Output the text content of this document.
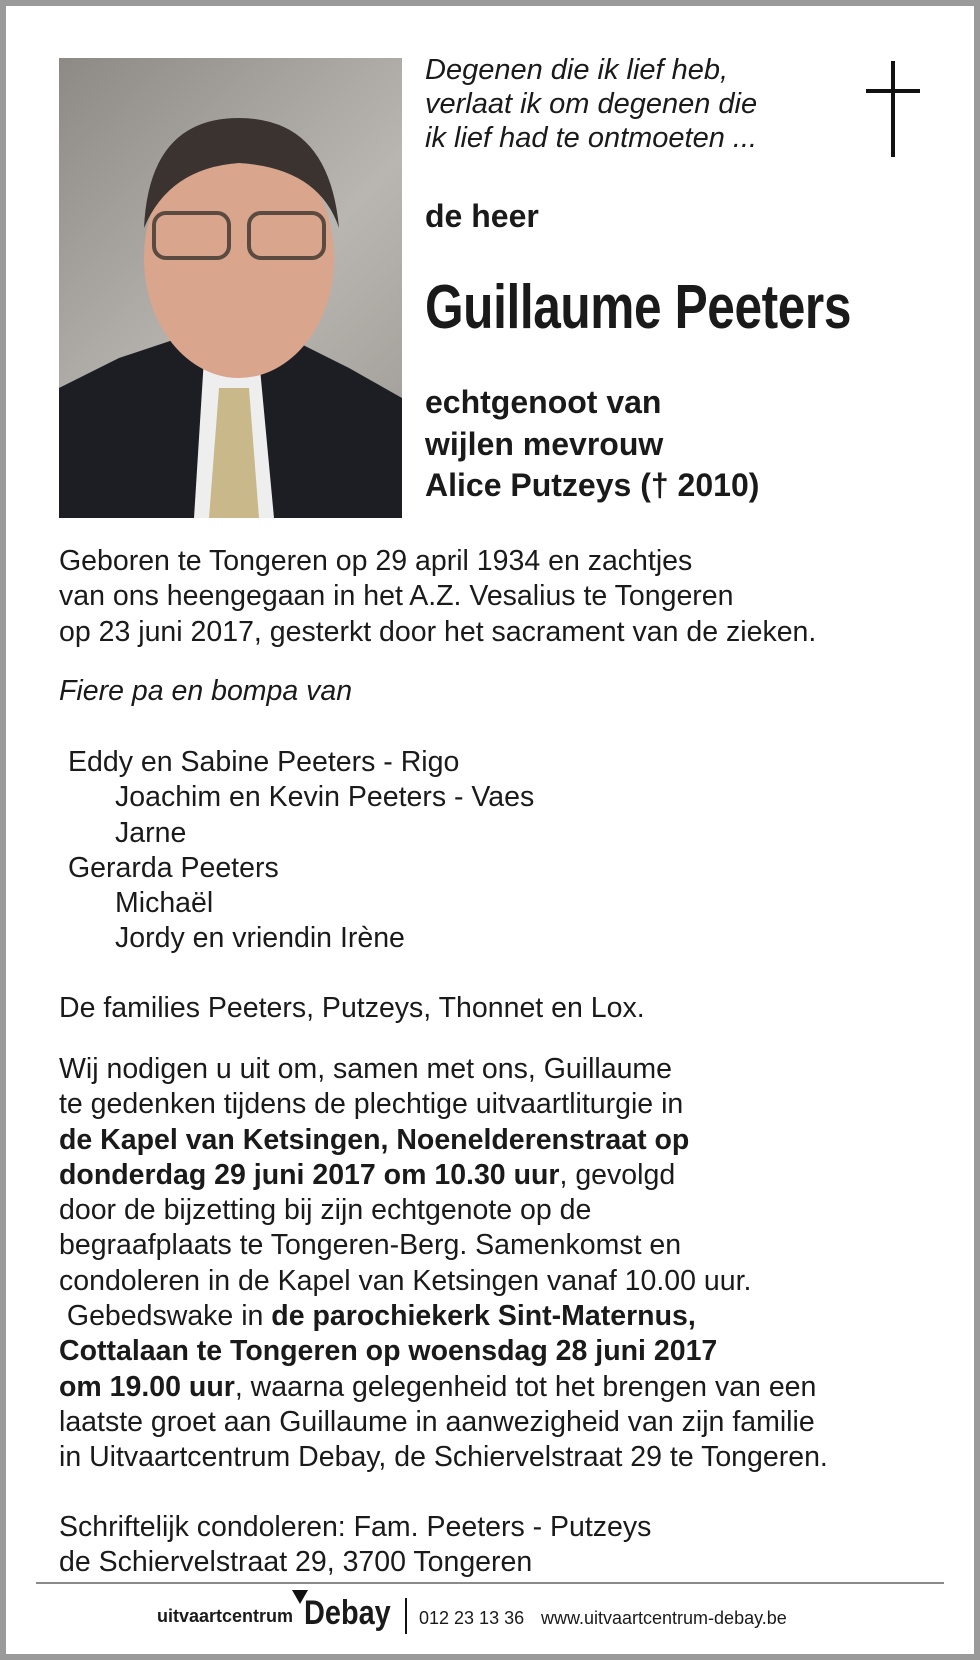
Degenen die ik lief heb,
verlaat ik om degenen die
ik lief had te ontmoeten ...
de heer
Guillaume Peeters
echtgenoot van
wijlen mevrouw
Alice Putzeys († 2010)
Geboren te Tongeren op 29 april 1934 en zachtjes
van ons heengegaan in het A.Z. Vesalius te Tongeren
op 23 juni 2017, gesterkt door het sacrament van de zieken.
Fiere pa en bompa van
Eddy en Sabine Peeters - Rigo
Joachim en Kevin Peeters - Vaes
Jarne
Gerarda Peeters
Michaël
Jordy en vriendin Irène
De families Peeters, Putzeys, Thonnet en Lox.
Wij nodigen u uit om, samen met ons, Guillaume
te gedenken tijdens de plechtige uitvaartliturgie in
de Kapel van Ketsingen, Noenelderenstraat op
donderdag 29 juni 2017 om 10.30 uur, gevolgd
door de bijzetting bij zijn echtgenote op de
begraafplaats te Tongeren-Berg. Samenkomst en
condoleren in de Kapel van Ketsingen vanaf 10.00 uur.
Gebedswake in de parochiekerk Sint-Maternus,
Cottalaan te Tongeren op woensdag 28 juni 2017
om 19.00 uur, waarna gelegenheid tot het brengen van een
laatste groet aan Guillaume in aanwezigheid van zijn familie
in Uitvaartcentrum Debay, de Schiervelstraat 29 te Tongeren.
Schriftelijk condoleren: Fam. Peeters - Putzeys
de Schiervelstraat 29, 3700 Tongeren
uitvaartcentrum Debay 012 23 13 36 www.uitvaartcentrum-debay.be
